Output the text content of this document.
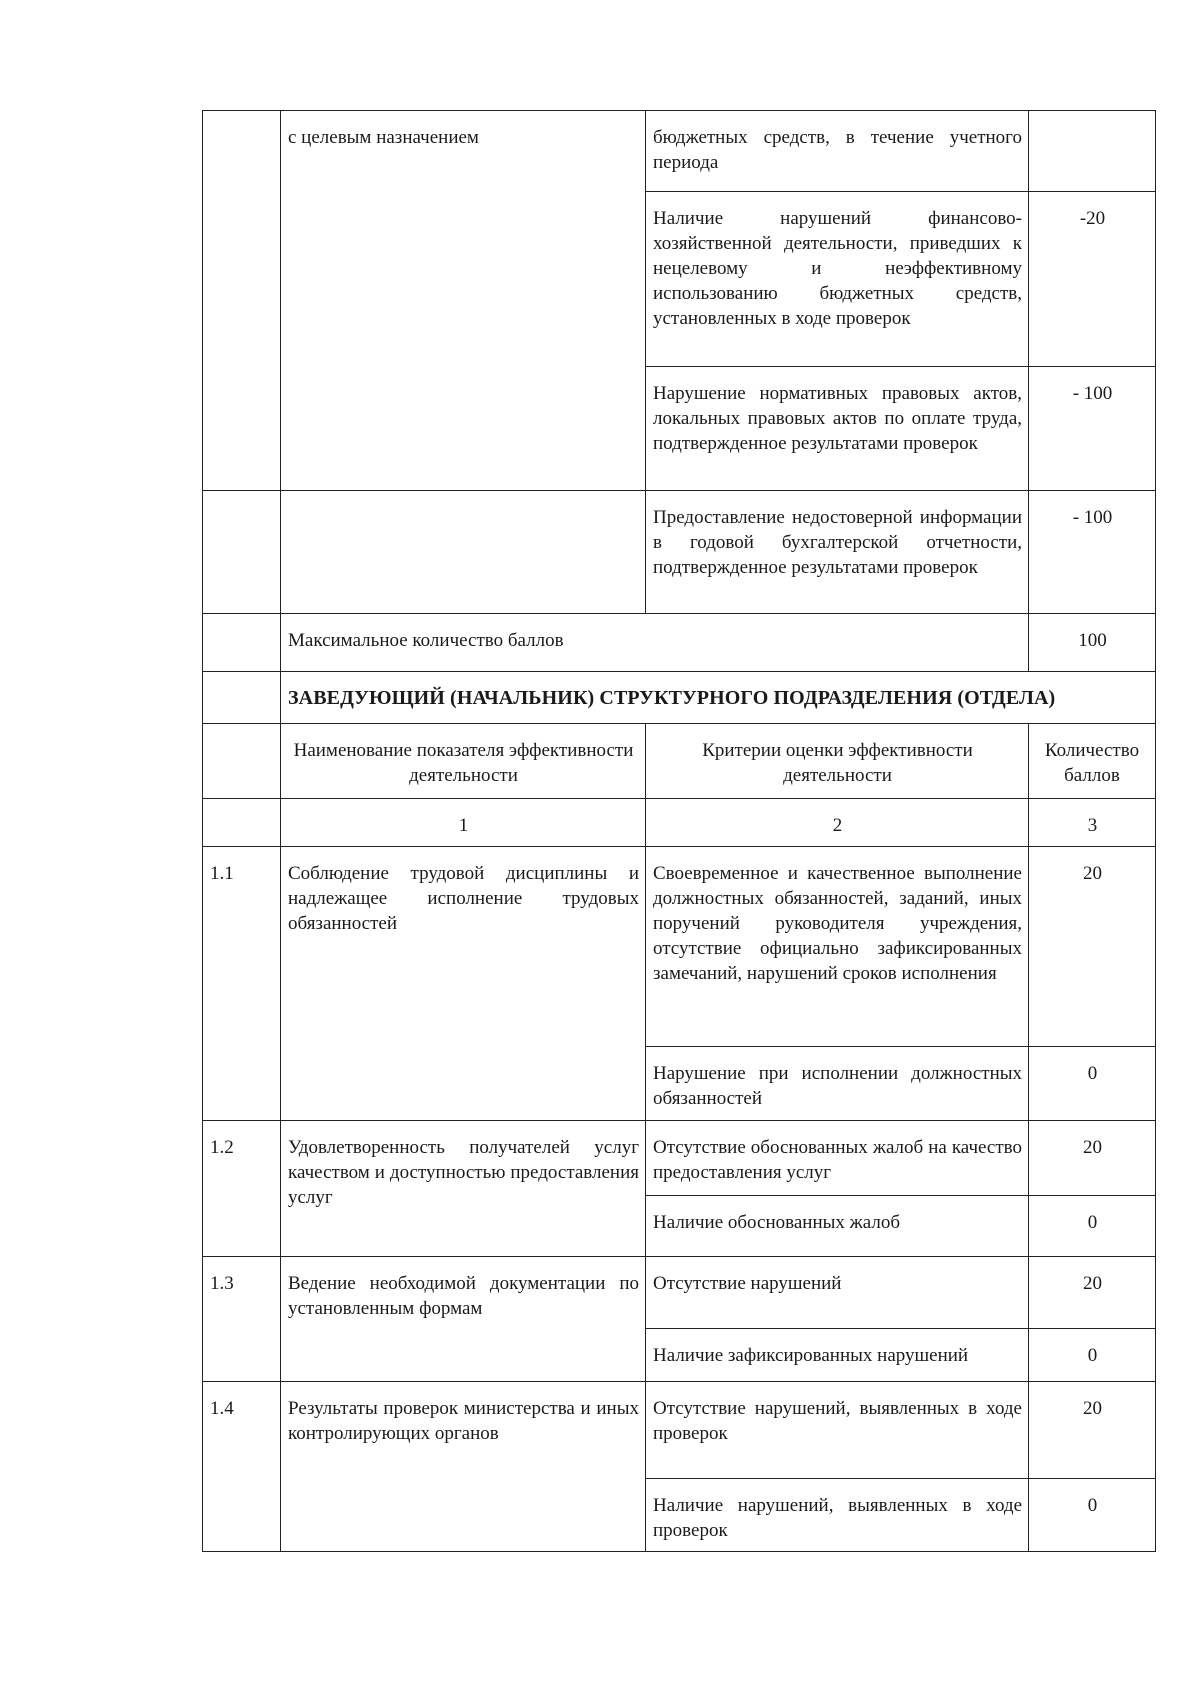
	с целевым назначением	бюджетных средств, в течение учетного периода	
		Наличие нарушений финансово-хозяйственной деятельности, приведших к нецелевому и неэффективному использованию бюджетных средств, установленных в ходе проверок	-20
		Нарушение нормативных правовых актов, локальных правовых актов по оплате труда, подтвержденное результатами проверок	- 100
		Предоставление недостоверной информации в годовой бухгалтерской отчетности, подтвержденное результатами проверок	- 100
	Максимальное количество баллов		100
	ЗАВЕДУЮЩИЙ (НАЧАЛЬНИК) СТРУКТУРНОГО ПОДРАЗДЕЛЕНИЯ (ОТДЕЛА)		
	Наименование показателя эффективности деятельности	Критерии оценки эффективности деятельности	Количество баллов
	1	2	3
1.1	Соблюдение трудовой дисциплины и надлежащее исполнение трудовых обязанностей	Своевременное и качественное выполнение должностных обязанностей, заданий, иных поручений руководителя учреждения, отсутствие официально зафиксированных замечаний, нарушений сроков исполнения	20
		Нарушение при исполнении должностных обязанностей	0
1.2	Удовлетворенность получателей услуг качеством и доступностью предоставления услуг	Отсутствие обоснованных жалоб на качество предоставления услуг	20
		Наличие обоснованных жалоб	0
1.3	Ведение необходимой документации по установленным формам	Отсутствие нарушений	20
		Наличие зафиксированных нарушений	0
1.4	Результаты проверок министерства и иных контролирующих органов	Отсутствие нарушений, выявленных в ходе проверок	20
		Наличие нарушений, выявленных в ходе проверок	0
